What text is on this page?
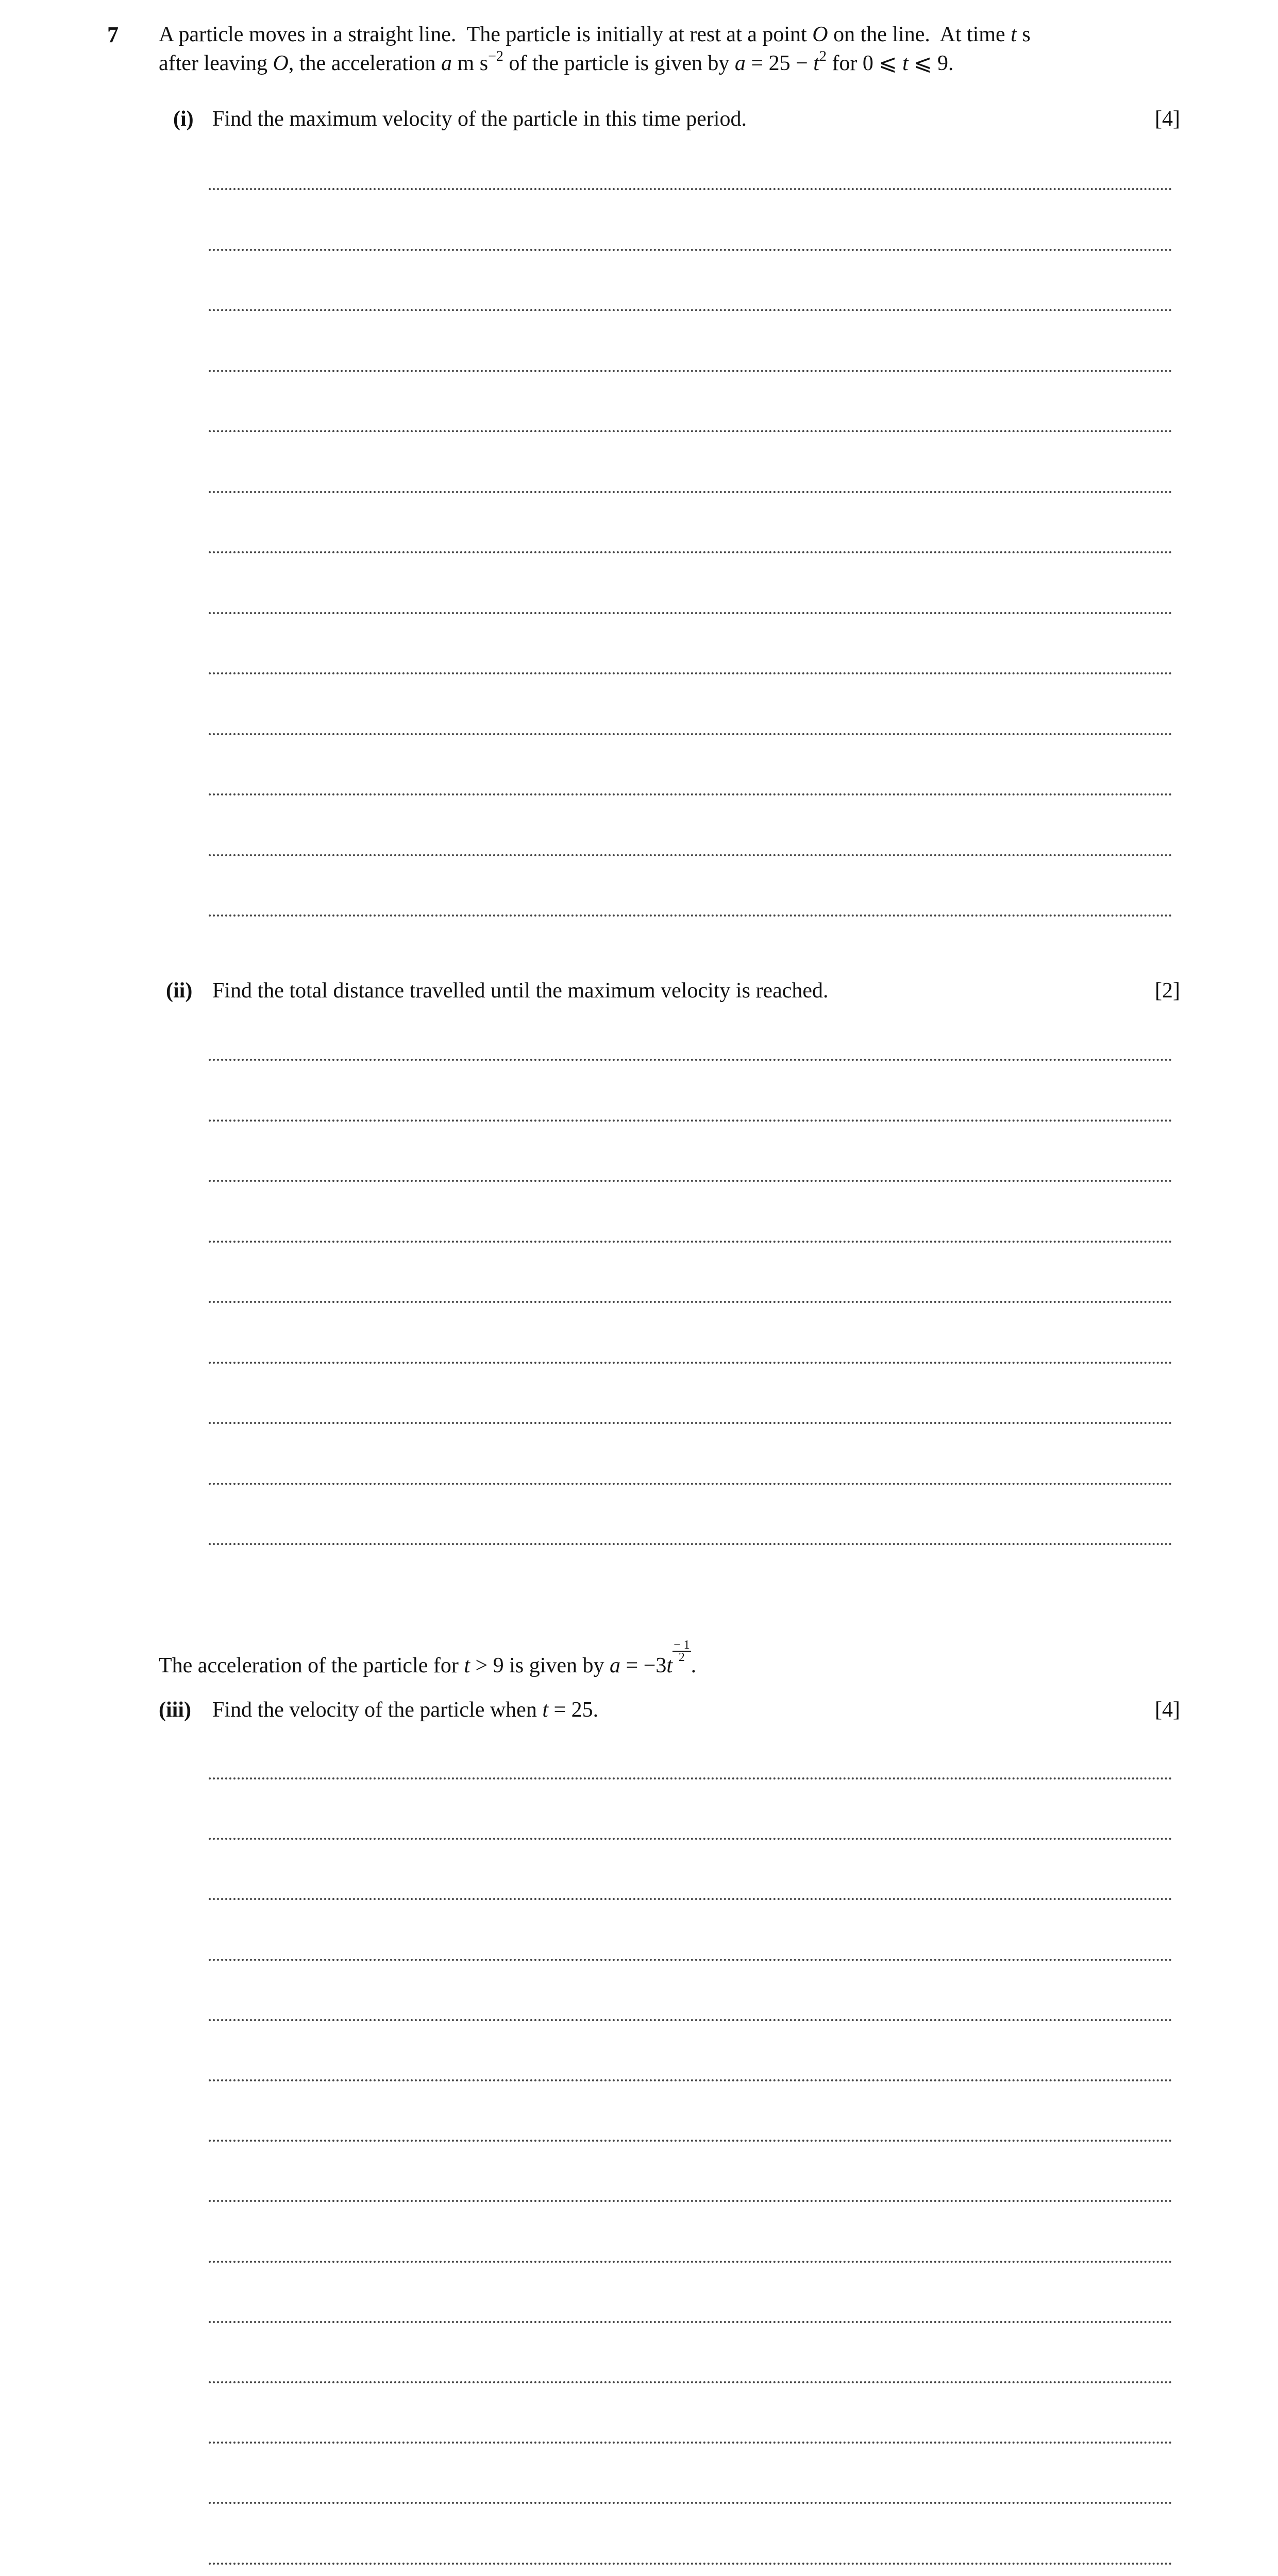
7 A particle moves in a straight line.  The particle is initially at rest at a point O on the line.  At time t s
after leaving O, the acceleration a m $s^{-2}$ of the particle is given by $a = 25 - t^2$ for 0 ⩽ t ⩽ 9.
(i) Find the maximum velocity of the particle in this time period.	[4]
(ii) Find the total distance travelled until the maximum velocity is reached.	[2]
The acceleration of the particle for t > 9 is given by a = −3t
$\frac{- 1}{2}$
.
(iii) Find the velocity of the particle when t = 25.	[4]
